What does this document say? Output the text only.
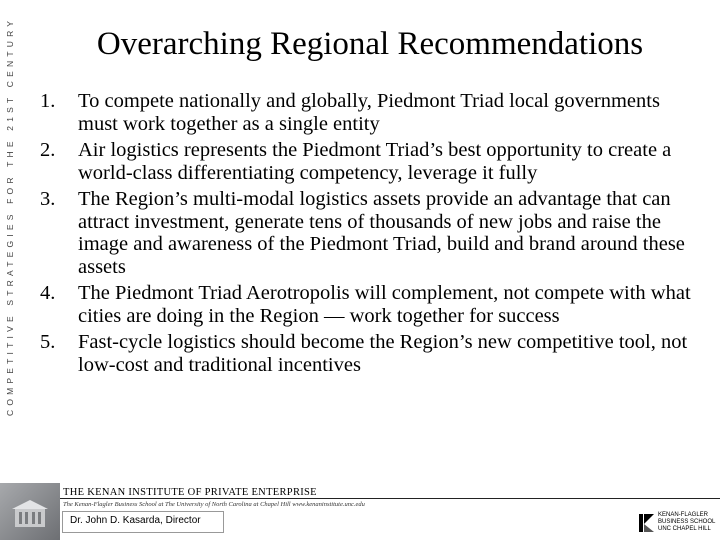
COMPETITIVE STRATEGIES FOR THE 21ST CENTURY	Overarching Regional Recommendations
1. To compete nationally and globally, Piedmont Triad local governments must work together as a single entity
2. Air logistics represents the Piedmont Triad’s best opportunity to create a world-class differentiating competency, leverage it fully
3. The Region’s multi-modal logistics assets provide an advantage that can attract investment, generate tens of thousands of new jobs and raise the image and awareness of the Piedmont Triad, build and brand around these assets
4. The Piedmont Triad Aerotropolis will complement, not compete with what cities are doing in the Region — work together for success
5. Fast-cycle logistics should become the Region’s new competitive tool, not low-cost and traditional incentives
THE KENAN INSTITUTE OF PRIVATE ENTERPRISE
The Kenan-Flagler Business School at The University of North Carolina at Chapel Hill www.kenaninstitute.unc.edu
Dr. John D. Kasarda, Director	KENAN-FLAGLER
BUSINESS SCHOOL
UNC CHAPEL HILL
